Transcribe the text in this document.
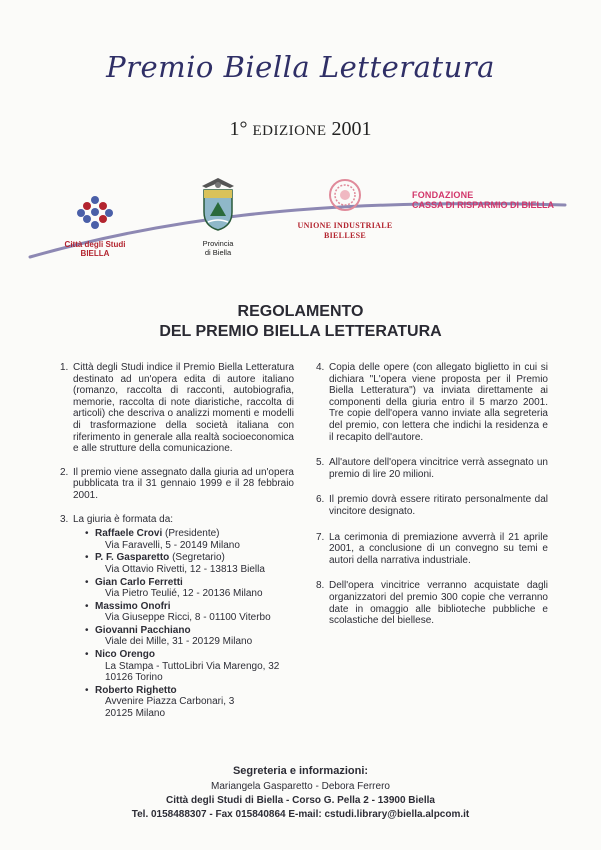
Premio Biella Letteratura
1° EDIZIONE 2001
Città degli Studi
BIELLA
Provincia
di Biella
UNIONE INDUSTRIALE
BIELLESE
FONDAZIONE
CASSA DI RISPARMIO DI BIELLA
REGOLAMENTO
DEL PREMIO BIELLA LETTERATURA
1. Città degli Studi indice il Premio Biella Letteratura destinato ad un'opera edita di autore italiano (romanzo, raccolta di racconti, autobiografia, memorie, raccolta di note diaristiche, raccolta di articoli) che descriva o analizzi momenti e modelli di trasformazione della società italiana con riferimento in generale alla realtà socioeconomica e alle strutture della comunicazione.
2. Il premio viene assegnato dalla giuria ad un'opera pubblicata tra il 31 gennaio 1999 e il 28 febbraio 2001.
3. La giuria è formata da:
• Raffaele Crovi (Presidente)
Via Faravelli, 5 - 20149 Milano
• P. F. Gasparetto (Segretario)
Via Ottavio Rivetti, 12 - 13813 Biella
• Gian Carlo Ferretti
Via Pietro Teulié, 12 - 20136 Milano
• Massimo Onofri
Via Giuseppe Ricci, 8 - 01100 Viterbo
• Giovanni Pacchiano
Viale dei Mille, 31 - 20129 Milano
• Nico Orengo
La Stampa - TuttoLibri Via Marengo, 32
10126 Torino
• Roberto Righetto
Avvenire Piazza Carbonari, 3
20125 Milano
4. Copia delle opere (con allegato biglietto in cui si dichiara "L'opera viene proposta per il Premio Biella Letteratura") va inviata direttamente ai componenti della giuria entro il 5 marzo 2001. Tre copie dell'opera vanno inviate alla segreteria del premio, con lettera che indichi la residenza e il recapito dell'autore.
5. All'autore dell'opera vincitrice verrà assegnato un premio di lire 20 milioni.
6. Il premio dovrà essere ritirato personalmente dal vincitore designato.
7. La cerimonia di premiazione avverrà il 21 aprile 2001, a conclusione di un convegno su temi e autori della narrativa industriale.
8. Dell'opera vincitrice verranno acquistate dagli organizzatori del premio 300 copie che verranno date in omaggio alle biblioteche pubbliche e scolastiche del biellese.
Segreteria e informazioni:
Mariangela Gasparetto - Debora Ferrero
Città degli Studi di Biella - Corso G. Pella 2 - 13900 Biella
Tel. 0158488307 - Fax 015840864 E-mail: cstudi.library@biella.alpcom.it
